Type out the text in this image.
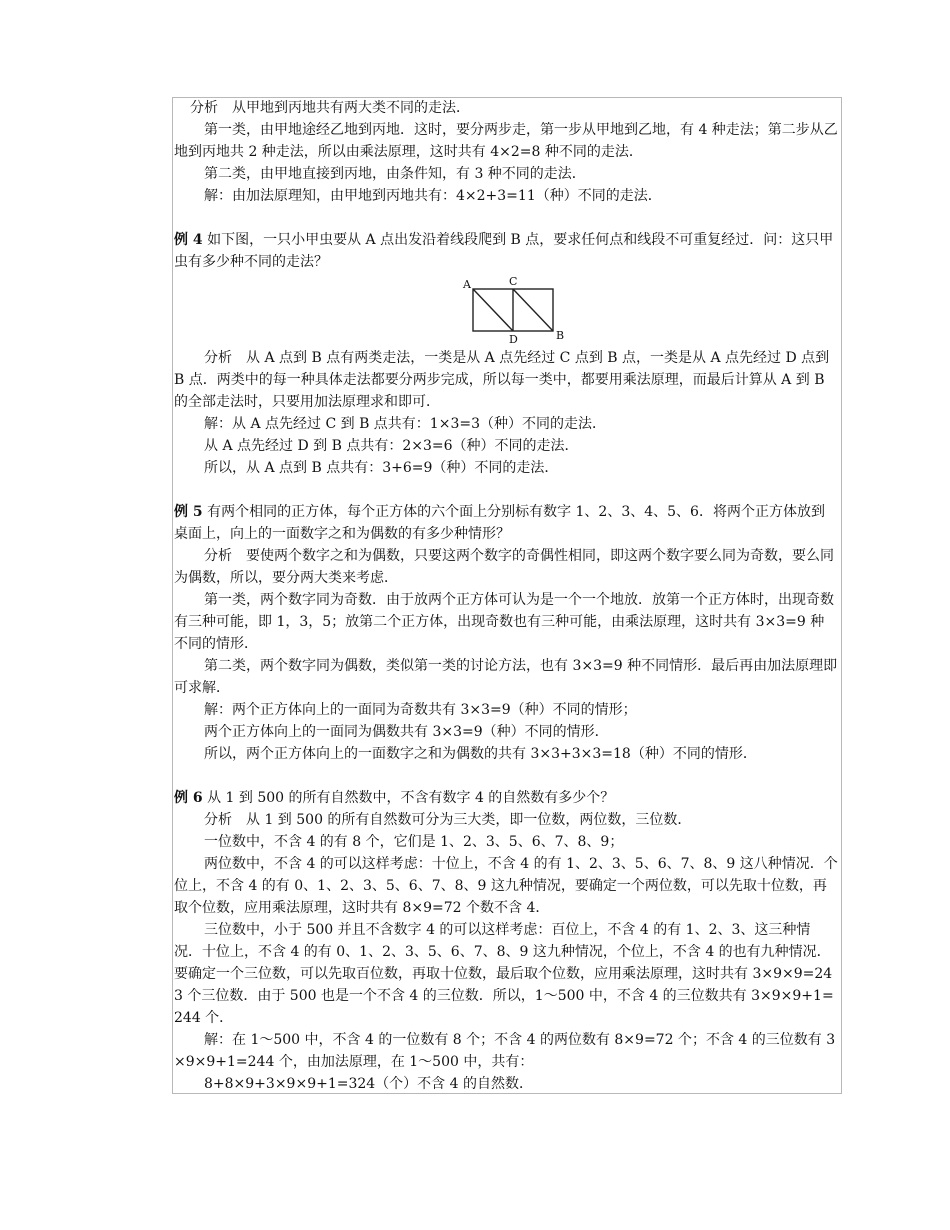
分析　从甲地到丙地共有两大类不同的走法．

第一类，由甲地途经乙地到丙地．这时，要分两步走，第一步从甲地到乙地，有 4 种走法；第二步从乙地到丙地共 2 种走法，所以由乘法原理，这时共有 4×2=8 种不同的走法．

第二类，由甲地直接到丙地，由条件知，有 3 种不同的走法．

解：由加法原理知，由甲地到丙地共有：4×2+3=11（种）不同的走法．

例 4 如下图，一只小甲虫要从 A 点出发沿着线段爬到 B 点，要求任何点和线段不可重复经过．问：这只甲虫有多少种不同的走法？

A	C
D	B

分析　从 A 点到 B 点有两类走法，一类是从 A 点先经过 C 点到 B 点，一类是从 A 点先经过 D 点到 B 点．两类中的每一种具体走法都要分两步完成，所以每一类中，都要用乘法原理，而最后计算从 A 到 B 的全部走法时，只要用加法原理求和即可．

解：从 A 点先经过 C 到 B 点共有：1×3=3（种）不同的走法．

从 A 点先经过 D 到 B 点共有：2×3=6（种）不同的走法．

所以，从 A 点到 B 点共有：3+6=9（种）不同的走法．

例 5 有两个相同的正方体，每个正方体的六个面上分别标有数字 1、2、3、4、5、6．将两个正方体放到桌面上，向上的一面数字之和为偶数的有多少种情形？

分析　要使两个数字之和为偶数，只要这两个数字的奇偶性相同，即这两个数字要么同为奇数，要么同为偶数，所以，要分两大类来考虑．

第一类，两个数字同为奇数．由于放两个正方体可认为是一个一个地放．放第一个正方体时，出现奇数有三种可能，即 1，3，5；放第二个正方体，出现奇数也有三种可能，由乘法原理，这时共有 3×3=9 种不同的情形．

第二类，两个数字同为偶数，类似第一类的讨论方法，也有 3×3=9 种不同情形．最后再由加法原理即可求解．

解：两个正方体向上的一面同为奇数共有 3×3=9（种）不同的情形；

两个正方体向上的一面同为偶数共有 3×3=9（种）不同的情形．

所以，两个正方体向上的一面数字之和为偶数的共有 3×3+3×3=18（种）不同的情形．

例 6 从 1 到 500 的所有自然数中，不含有数字 4 的自然数有多少个？

分析　从 1 到 500 的所有自然数可分为三大类，即一位数，两位数，三位数．

一位数中，不含 4 的有 8 个，它们是 1、2、3、5、6、7、8、9；

两位数中，不含 4 的可以这样考虑：十位上，不含 4 的有 1、2、3、5、6、7、8、9 这八种情况．个位上，不含 4 的有 0、1、2、3、5、6、7、8、9 这九种情况，要确定一个两位数，可以先取十位数，再取个位数，应用乘法原理，这时共有 8×9=72 个数不含 4．

三位数中，小于 500 并且不含数字 4 的可以这样考虑：百位上，不含 4 的有 1、2、3、这三种情况．十位上，不含 4 的有 0、1、2、3、5、6、7、8、9 这九种情况，个位上，不含 4 的也有九种情况．要确定一个三位数，可以先取百位数，再取十位数，最后取个位数，应用乘法原理，这时共有 3×9×9=243 个三位数．由于 500 也是一个不含 4 的三位数．所以，1～500 中，不含 4 的三位数共有 3×9×9+1=244 个．

解：在 1～500 中，不含 4 的一位数有 8 个；不含 4 的两位数有 8×9=72 个；不含 4 的三位数有 3×9×9+1=244 个，由加法原理，在 1～500 中，共有：

8+8×9+3×9×9+1=324（个）不含 4 的自然数．
